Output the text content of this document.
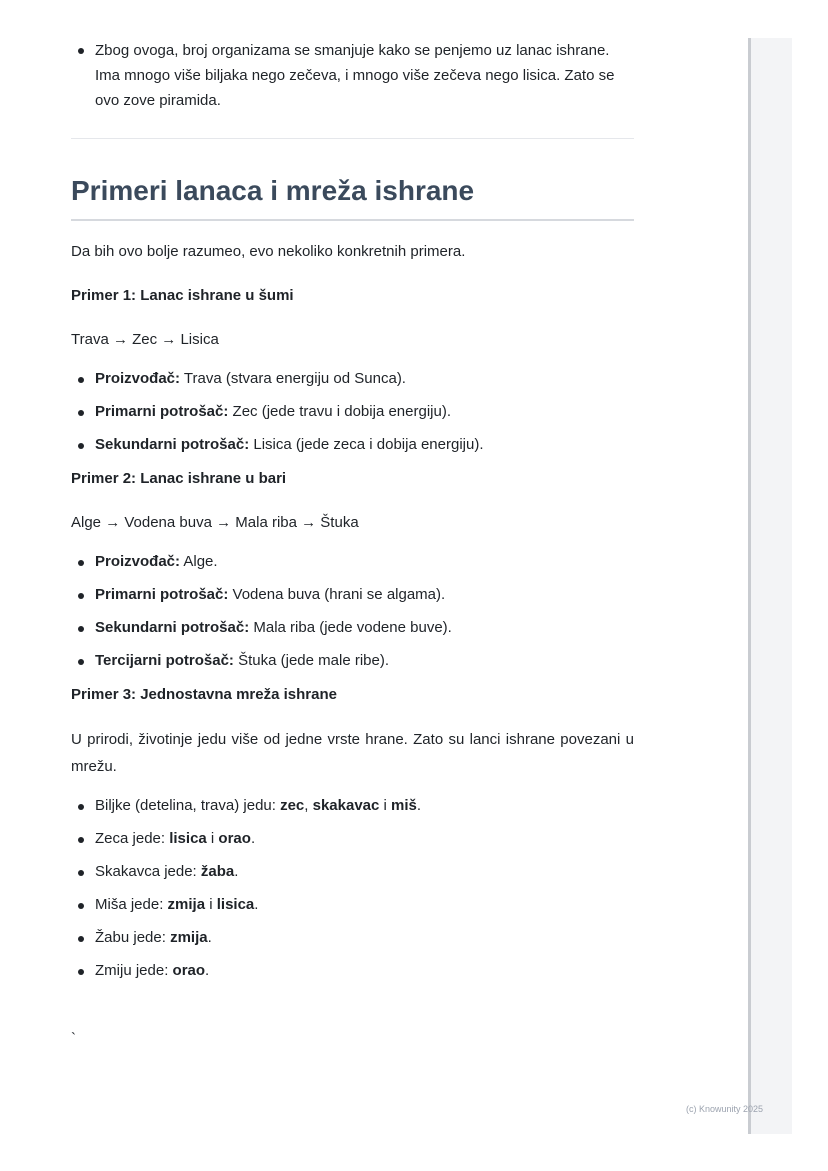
Zbog ovoga, broj organizama se smanjuje kako se penjemo uz lanac ishrane. Ima mnogo više biljaka nego zečeva, i mnogo više zečeva nego lisica. Zato se ovo zove piramida.
Primeri lanaca i mreža ishrane

Da bih ovo bolje razumeo, evo nekoliko konkretnih primera.

Primer 1: Lanac ishrane u šumi

Trava → Zec → Lisica

Proizvođač: Trava (stvara energiju od Sunca).
Primarni potrošač: Zec (jede travu i dobija energiju).
Sekundarni potrošač: Lisica (jede zeca i dobija energiju).

Primer 2: Lanac ishrane u bari

Alge → Vodena buva → Mala riba → Štuka

Proizvođač: Alge.
Primarni potrošač: Vodena buva (hrani se algama).
Sekundarni potrošač: Mala riba (jede vodene buve).
Tercijarni potrošač: Štuka (jede male ribe).

Primer 3: Jednostavna mreža ishrane

U prirodi, životinje jedu više od jedne vrste hrane. Zato su lanci ishrane povezani u mrežu.

Biljke (detelina, trava) jedu: zec, skakavac i miš.
Zeca jede: lisica i orao.
Skakavca jede: žaba.
Miša jede: zmija i lisica.
Žabu jede: zmija.
Zmiju jede: orao.
`
(c) Knowunity 2025
